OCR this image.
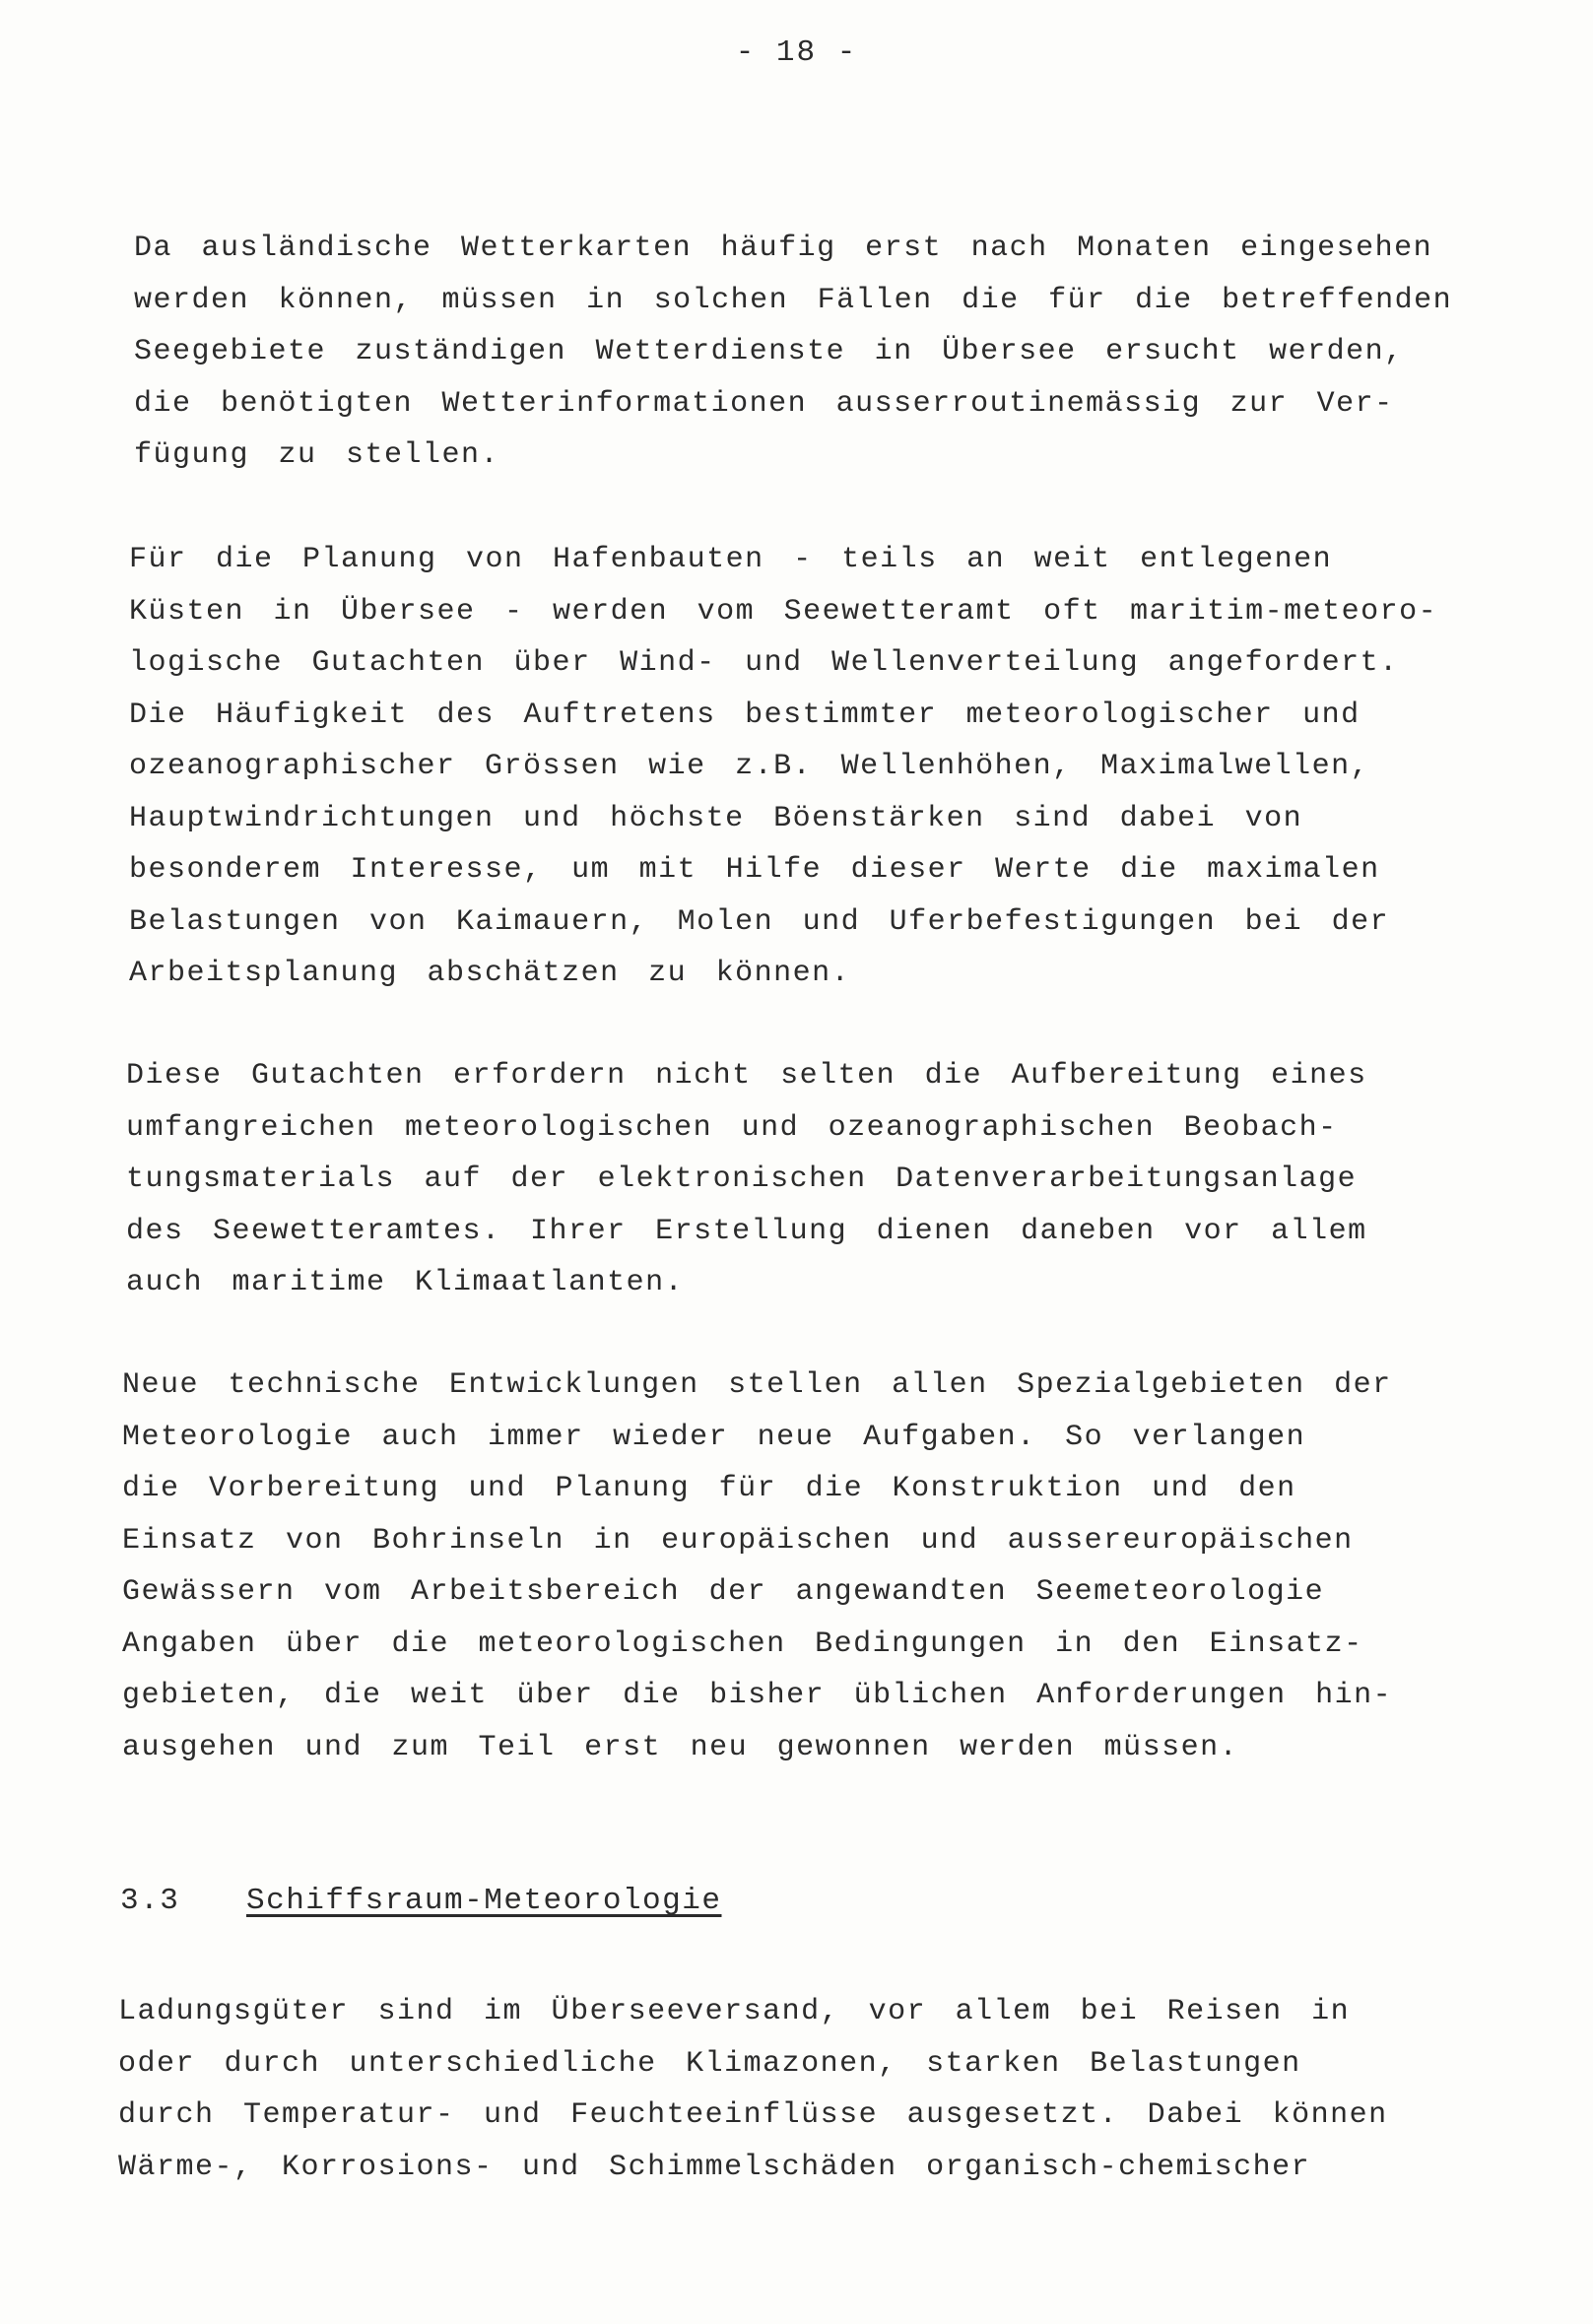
- 18 -
Da ausländische Wetterkarten häufig erst nach Monaten eingesehen
werden können, müssen in solchen Fällen die für die betreffenden
Seegebiete zuständigen Wetterdienste in Übersee ersucht werden,
die benötigten Wetterinformationen ausserroutinemässig zur Ver-
fügung zu stellen.
Für die Planung von Hafenbauten - teils an weit entlegenen
Küsten in Übersee - werden vom Seewetteramt oft maritim-meteoro-
logische Gutachten über Wind- und Wellenverteilung angefordert.
Die Häufigkeit des Auftretens bestimmter meteorologischer und
ozeanographischer Grössen wie z.B. Wellenhöhen, Maximalwellen,
Hauptwindrichtungen und höchste Böenstärken sind dabei von
besonderem Interesse, um mit Hilfe dieser Werte die maximalen
Belastungen von Kaimauern, Molen und Uferbefestigungen bei der
Arbeitsplanung abschätzen zu können.
Diese Gutachten erfordern nicht selten die Aufbereitung eines
umfangreichen meteorologischen und ozeanographischen Beobach-
tungsmaterials auf der elektronischen Datenverarbeitungsanlage
des Seewetteramtes. Ihrer Erstellung dienen daneben vor allem
auch maritime Klimaatlanten.
Neue technische Entwicklungen stellen allen Spezialgebieten der
Meteorologie auch immer wieder neue Aufgaben. So verlangen
die Vorbereitung und Planung für die Konstruktion und den
Einsatz von Bohrinseln in europäischen und aussereuropäischen
Gewässern vom Arbeitsbereich der angewandten Seemeteorologie
Angaben über die meteorologischen Bedingungen in den Einsatz-
gebieten, die weit über die bisher üblichen Anforderungen hin-
ausgehen und zum Teil erst neu gewonnen werden müssen.
3.3 Schiffsraum-Meteorologie
Ladungsgüter sind im Überseeversand, vor allem bei Reisen in
oder durch unterschiedliche Klimazonen, starken Belastungen
durch Temperatur- und Feuchteeinflüsse ausgesetzt. Dabei können
Wärme-, Korrosions- und Schimmelschäden organisch-chemischer
